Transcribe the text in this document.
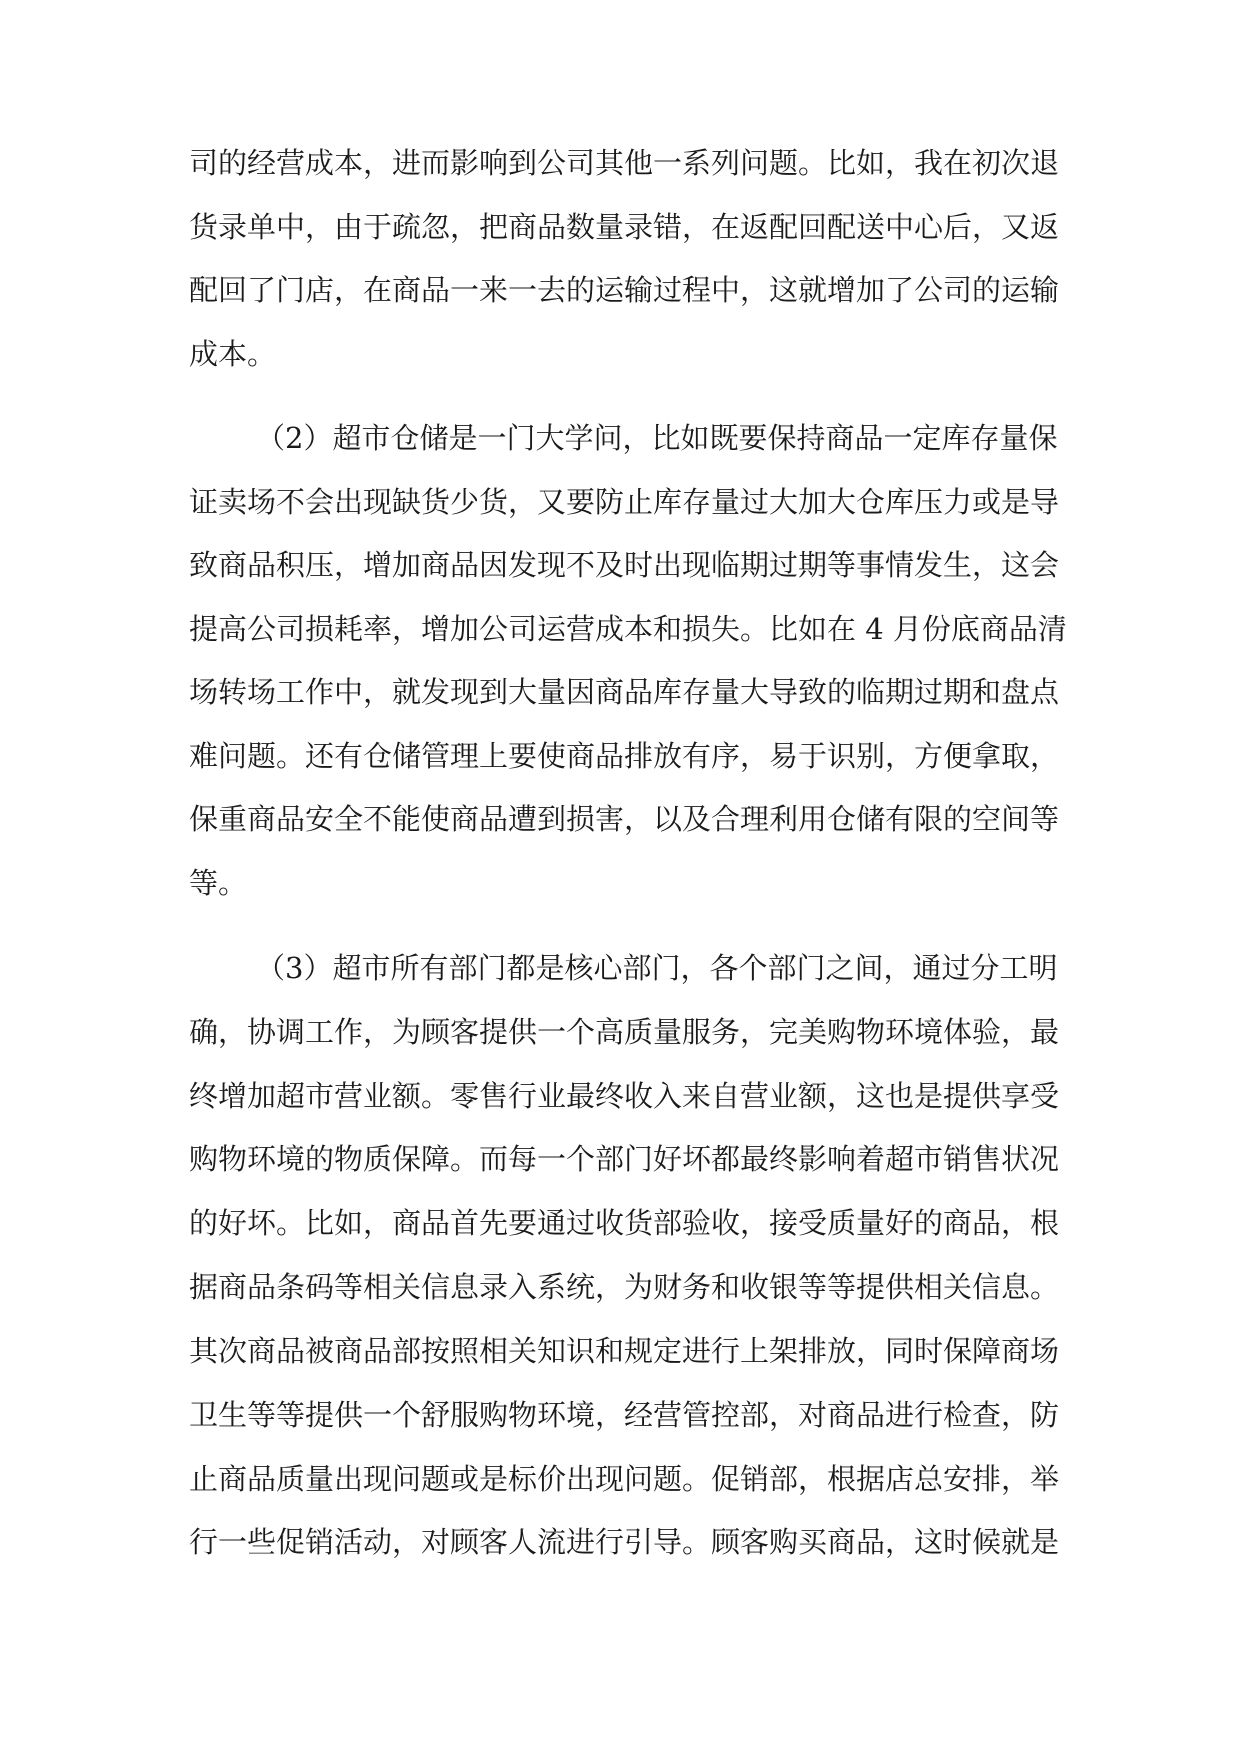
司的经营成本，进而影响到公司其他一系列问题。比如，我在初次退
货录单中，由于疏忽，把商品数量录错，在返配回配送中心后，又返
配回了门店，在商品一来一去的运输过程中，这就增加了公司的运输
成本。
（2）超市仓储是一门大学问，比如既要保持商品一定库存量保
证卖场不会出现缺货少货，又要防止库存量过大加大仓库压力或是导
致商品积压，增加商品因发现不及时出现临期过期等事情发生，这会
提高公司损耗率，增加公司运营成本和损失。比如在 4 月份底商品清
场转场工作中，就发现到大量因商品库存量大导致的临期过期和盘点
难问题。还有仓储管理上要使商品排放有序，易于识别，方便拿取，
保重商品安全不能使商品遭到损害，以及合理利用仓储有限的空间等
等。
（3）超市所有部门都是核心部门，各个部门之间，通过分工明
确，协调工作，为顾客提供一个高质量服务，完美购物环境体验，最
终增加超市营业额。零售行业最终收入来自营业额，这也是提供享受
购物环境的物质保障。而每一个部门好坏都最终影响着超市销售状况
的好坏。比如，商品首先要通过收货部验收，接受质量好的商品，根
据商品条码等相关信息录入系统，为财务和收银等等提供相关信息。
其次商品被商品部按照相关知识和规定进行上架排放，同时保障商场
卫生等等提供一个舒服购物环境，经营管控部，对商品进行检查，防
止商品质量出现问题或是标价出现问题。促销部，根据店总安排，举
行一些促销活动，对顾客人流进行引导。顾客购买商品，这时候就是
